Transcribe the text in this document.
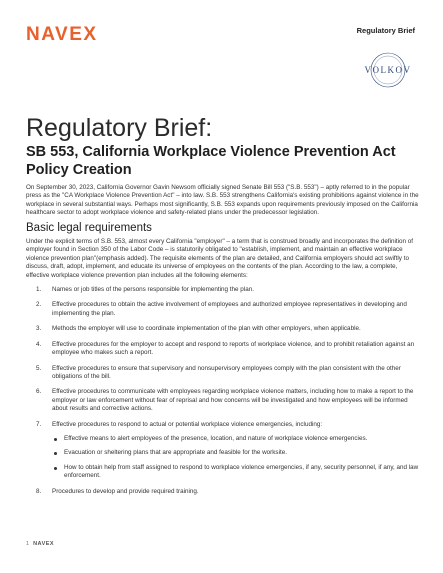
NAVEX	Regulatory Brief
VOLKOV
Regulatory Brief:
SB 553, California Workplace Violence Prevention Act Policy Creation

On September 30, 2023, California Governor Gavin Newsom officially signed Senate Bill 553 ("S.B. 553") – aptly referred to in the popular press as the "CA Workplace Violence Prevention Act" – into law. S.B. 553 strengthens California's existing prohibitions against violence in the workplace in several substantial ways. Perhaps most significantly, S.B. 553 expands upon requirements previously imposed on the California healthcare sector to adopt workplace violence and safety-related plans under the predecessor legislation.

Basic legal requirements

Under the explicit terms of S.B. 553, almost every California "employer" – a term that is construed broadly and incorporates the definition of employer found in Section 350 of the Labor Code – is statutorily obligated to "establish, implement, and maintain an effective workplace violence prevention plan"(emphasis added). The requisite elements of the plan are detailed, and California employers should act swiftly to discuss, draft, adopt, implement, and educate its universe of employees on the contents of the plan. According to the law, a complete, effective workplace violence prevention plan includes all the following elements:

1. Names or job titles of the persons responsible for implementing the plan.
2. Effective procedures to obtain the active involvement of employees and authorized employee representatives in developing and implementing the plan.
3. Methods the employer will use to coordinate implementation of the plan with other employers, when applicable.
4. Effective procedures for the employer to accept and respond to reports of workplace violence, and to prohibit retaliation against an employee who makes such a report.
5. Effective procedures to ensure that supervisory and nonsupervisory employees comply with the plan consistent with the other obligations of the bill.
6. Effective procedures to communicate with employees regarding workplace violence matters, including how to make a report to the employer or law enforcement without fear of reprisal and how concerns will be investigated and how employees will be informed about results and corrective actions.
7. Effective procedures to respond to actual or potential workplace violence emergencies, including:
Effective means to alert employees of the presence, location, and nature of workplace violence emergencies.
Evacuation or sheltering plans that are appropriate and feasible for the worksite.
How to obtain help from staff assigned to respond to workplace violence emergencies, if any, security personnel, if any, and law enforcement.
8. Procedures to develop and provide required training.
1 NAVEX
